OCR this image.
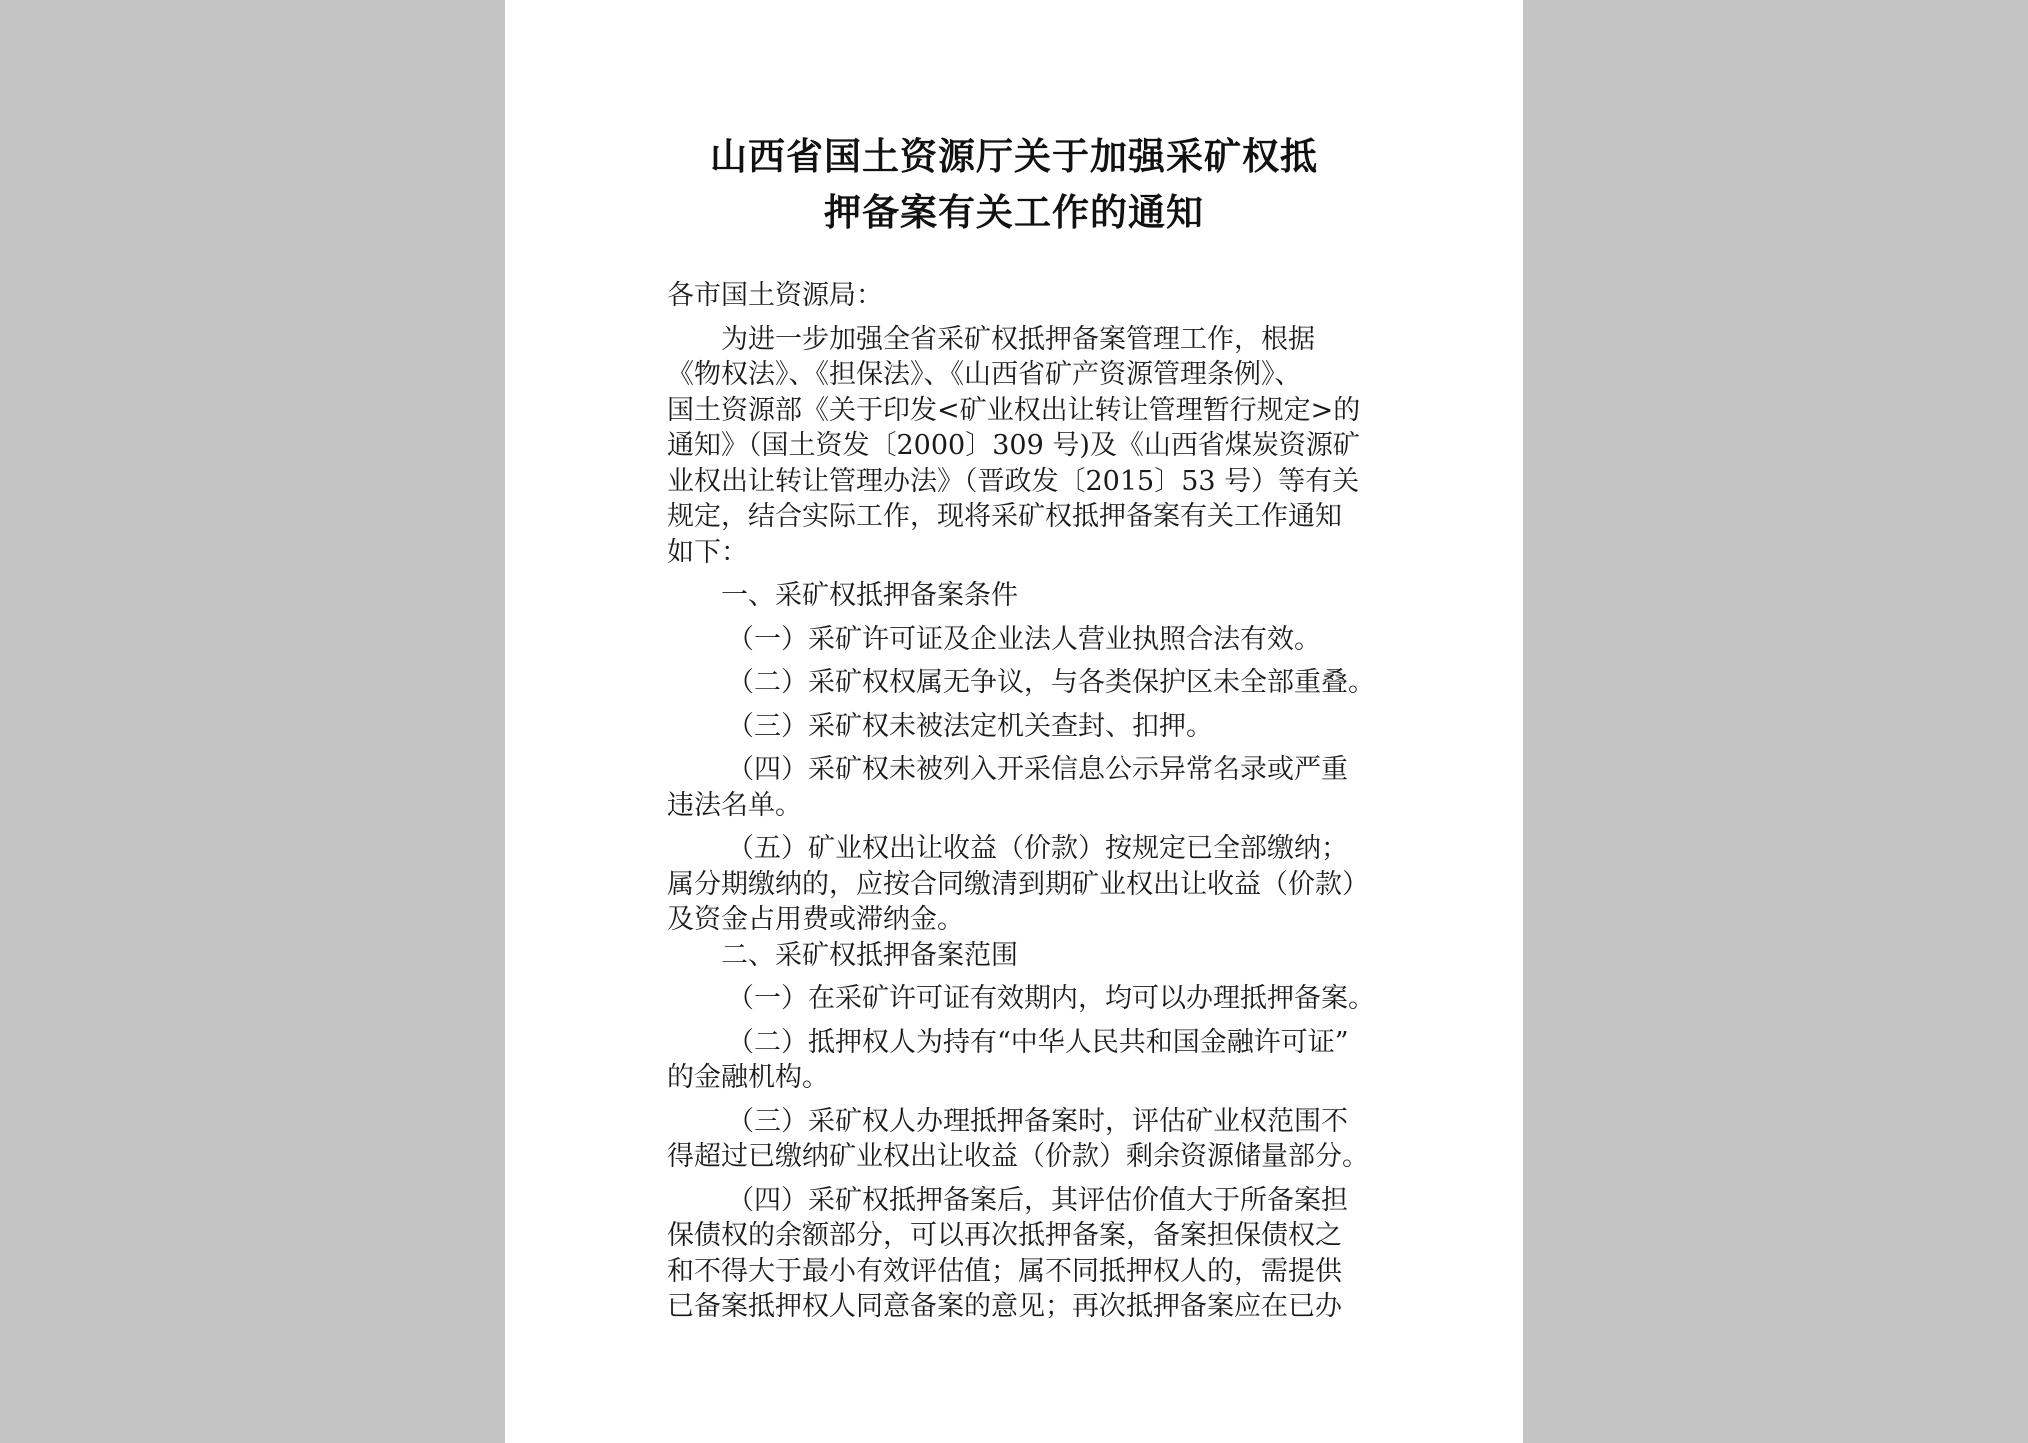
山西省国土资源厅关于加强采矿权抵
押备案有关工作的通知

各市国土资源局：

为进一步加强全省采矿权抵押备案管理工作，根据

《物权法》、《担保法》、《山西省矿产资源管理条例》、

国土资源部《关于印发<矿业权出让转让管理暂行规定>的

通知》（国土资发〔2000〕309 号)及《山西省煤炭资源矿

业权出让转让管理办法》（晋政发〔2015〕53 号）等有关

规定，结合实际工作，现将采矿权抵押备案有关工作通知

如下：

一、采矿权抵押备案条件

（一）采矿许可证及企业法人营业执照合法有效。

（二）采矿权权属无争议，与各类保护区未全部重叠。

（三）采矿权未被法定机关查封、扣押。

（四）采矿权未被列入开采信息公示异常名录或严重

违法名单。

（五）矿业权出让收益（价款）按规定已全部缴纳；

属分期缴纳的，应按合同缴清到期矿业权出让收益（价款）

及资金占用费或滞纳金。

二、采矿权抵押备案范围

（一）在采矿许可证有效期内，均可以办理抵押备案。

（二）抵押权人为持有“中华人民共和国金融许可证”

的金融机构。

（三）采矿权人办理抵押备案时，评估矿业权范围不

得超过已缴纳矿业权出让收益（价款）剩余资源储量部分。

（四）采矿权抵押备案后，其评估价值大于所备案担

保债权的余额部分，可以再次抵押备案，备案担保债权之

和不得大于最小有效评估值；属不同抵押权人的，需提供

已备案抵押权人同意备案的意见；再次抵押备案应在已办
